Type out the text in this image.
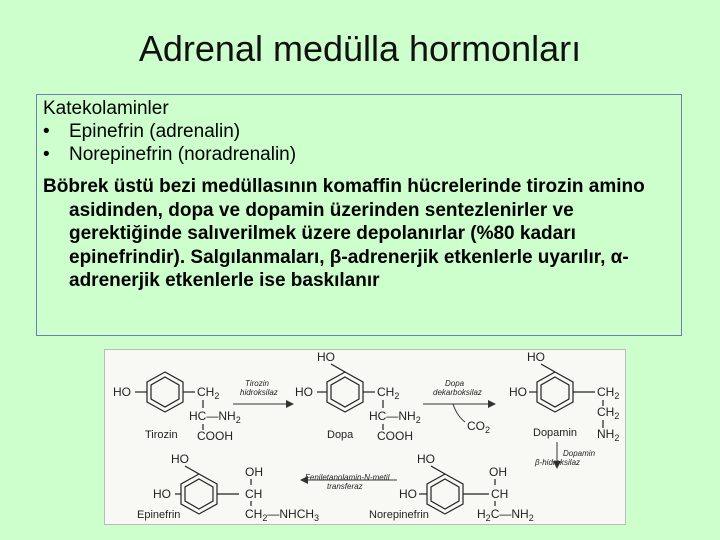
Adrenal medülla hormonları
Katekolaminler
• Epinefrin (adrenalin)
• Norepinefrin (noradrenalin)

Böbrek üstü bezi medüllasının komaffin hücrelerinde tirozin amino asidinden, dopa ve dopamin üzerinden sentezlenirler ve gerektiğinde salıverilmek üzere depolanırlar (%80 kadarı epinefrindir). Salgılanmaları, β-adrenerjik etkenlerle uyarılır, α-adrenerjik etkenlerle ise baskılanır

HO	$CH_2$
$HC—NH_2$
COOH
Tirozin
Tirozin
hidroksilaz
HO
HO	$CH_2$
$HC—NH_2$
COOH
Dopa
Dopa
dekarboksilaz
$CO_2$
HO
HO	$CH_2$
$CH_2$
$NH_2$
Dopamin
Dopamin
β-hidroksilaz
HO
HO
OH
CH
$H_2C—NH_2$
Norepinefrin
Feniletanolamin-N-metil
transferaz
HO
HO
OH
CH
$CH_2—NHCH_3$
Epinefrin
